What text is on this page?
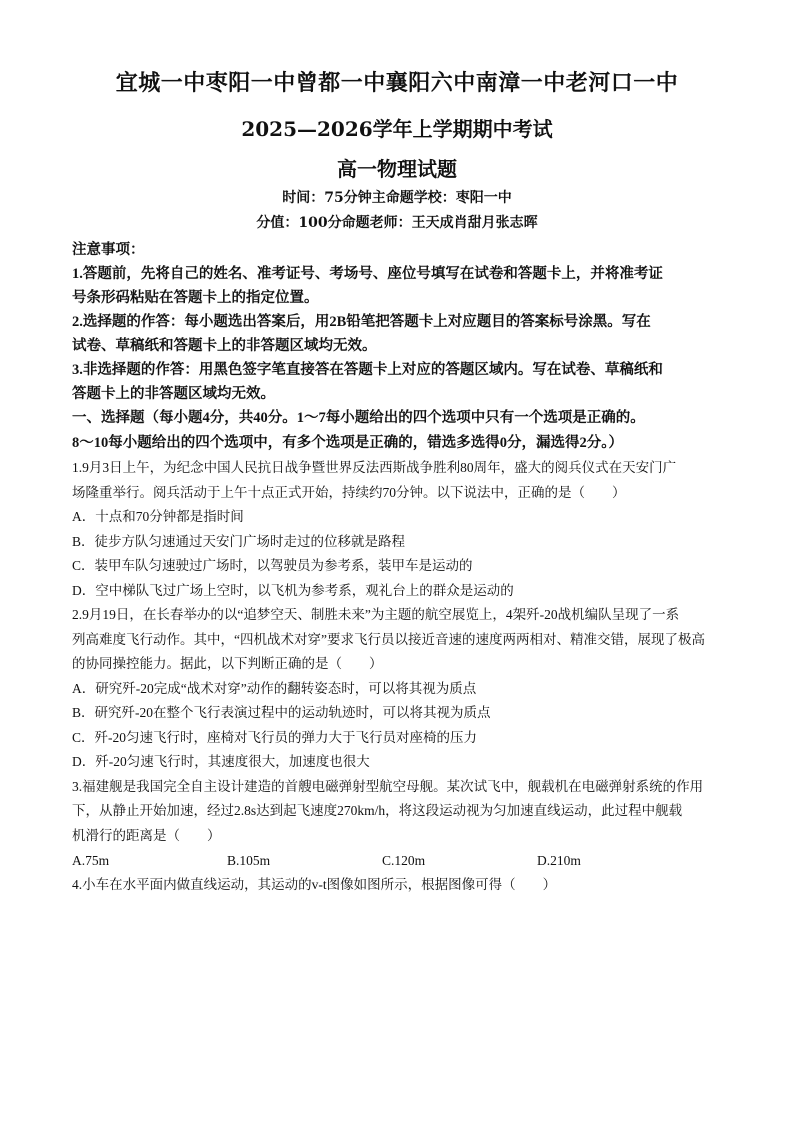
宜城一中枣阳一中曾都一中襄阳六中南漳一中老河口一中
2025—2026学年上学期期中考试
高一物理试题
时间：75分钟主命题学校：枣阳一中
分值：100分命题老师：王天成肖甜月张志晖

注意事项：

1.答题前，先将自己的姓名、准考证号、考场号、座位号填写在试卷和答题卡上，并将准考证

号条形码粘贴在答题卡上的指定位置。

2.选择题的作答：每小题选出答案后，用2B铅笔把答题卡上对应题目的答案标号涂黑。写在

试卷、草稿纸和答题卡上的非答题区域均无效。

3.非选择题的作答：用黑色签字笔直接答在答题卡上对应的答题区域内。写在试卷、草稿纸和

答题卡上的非答题区域均无效。

一、选择题（每小题4分，共40分。1～7每小题给出的四个选项中只有一个选项是正确的。

8～10每小题给出的四个选项中，有多个选项是正确的，错选多选得0分，漏选得2分。）

1.9月3日上午，为纪念中国人民抗日战争暨世界反法西斯战争胜利80周年，盛大的阅兵仪式在天安门广

场隆重举行。阅兵活动于上午十点正式开始，持续约70分钟。以下说法中，正确的是（　　）

A．十点和70分钟都是指时间

B．徒步方队匀速通过天安门广场时走过的位移就是路程

C．装甲车队匀速驶过广场时，以驾驶员为参考系，装甲车是运动的

D．空中梯队飞过广场上空时，以飞机为参考系，观礼台上的群众是运动的

2.9月19日，在长春举办的以“追梦空天、制胜未来”为主题的航空展览上，4架歼-20战机编队呈现了一系

列高难度飞行动作。其中，“四机战术对穿”要求飞行员以接近音速的速度两两相对、精准交错，展现了极高

的协同操控能力。据此，以下判断正确的是（　　）

A．研究歼-20完成“战术对穿”动作的翻转姿态时，可以将其视为质点

B．研究歼-20在整个飞行表演过程中的运动轨迹时，可以将其视为质点

C．歼-20匀速飞行时，座椅对飞行员的弹力大于飞行员对座椅的压力

D．歼-20匀速飞行时，其速度很大，加速度也很大

3.福建舰是我国完全自主设计建造的首艘电磁弹射型航空母舰。某次试飞中，舰载机在电磁弹射系统的作用

下，从静止开始加速，经过2.8s达到起飞速度270km/h，将这段运动视为匀加速直线运动，此过程中舰载

机滑行的距离是（　　）

A.75m	B.105m	C.120m	D.210m

4.小车在水平面内做直线运动，其运动的v-t图像如图所示，根据图像可得（　　）
